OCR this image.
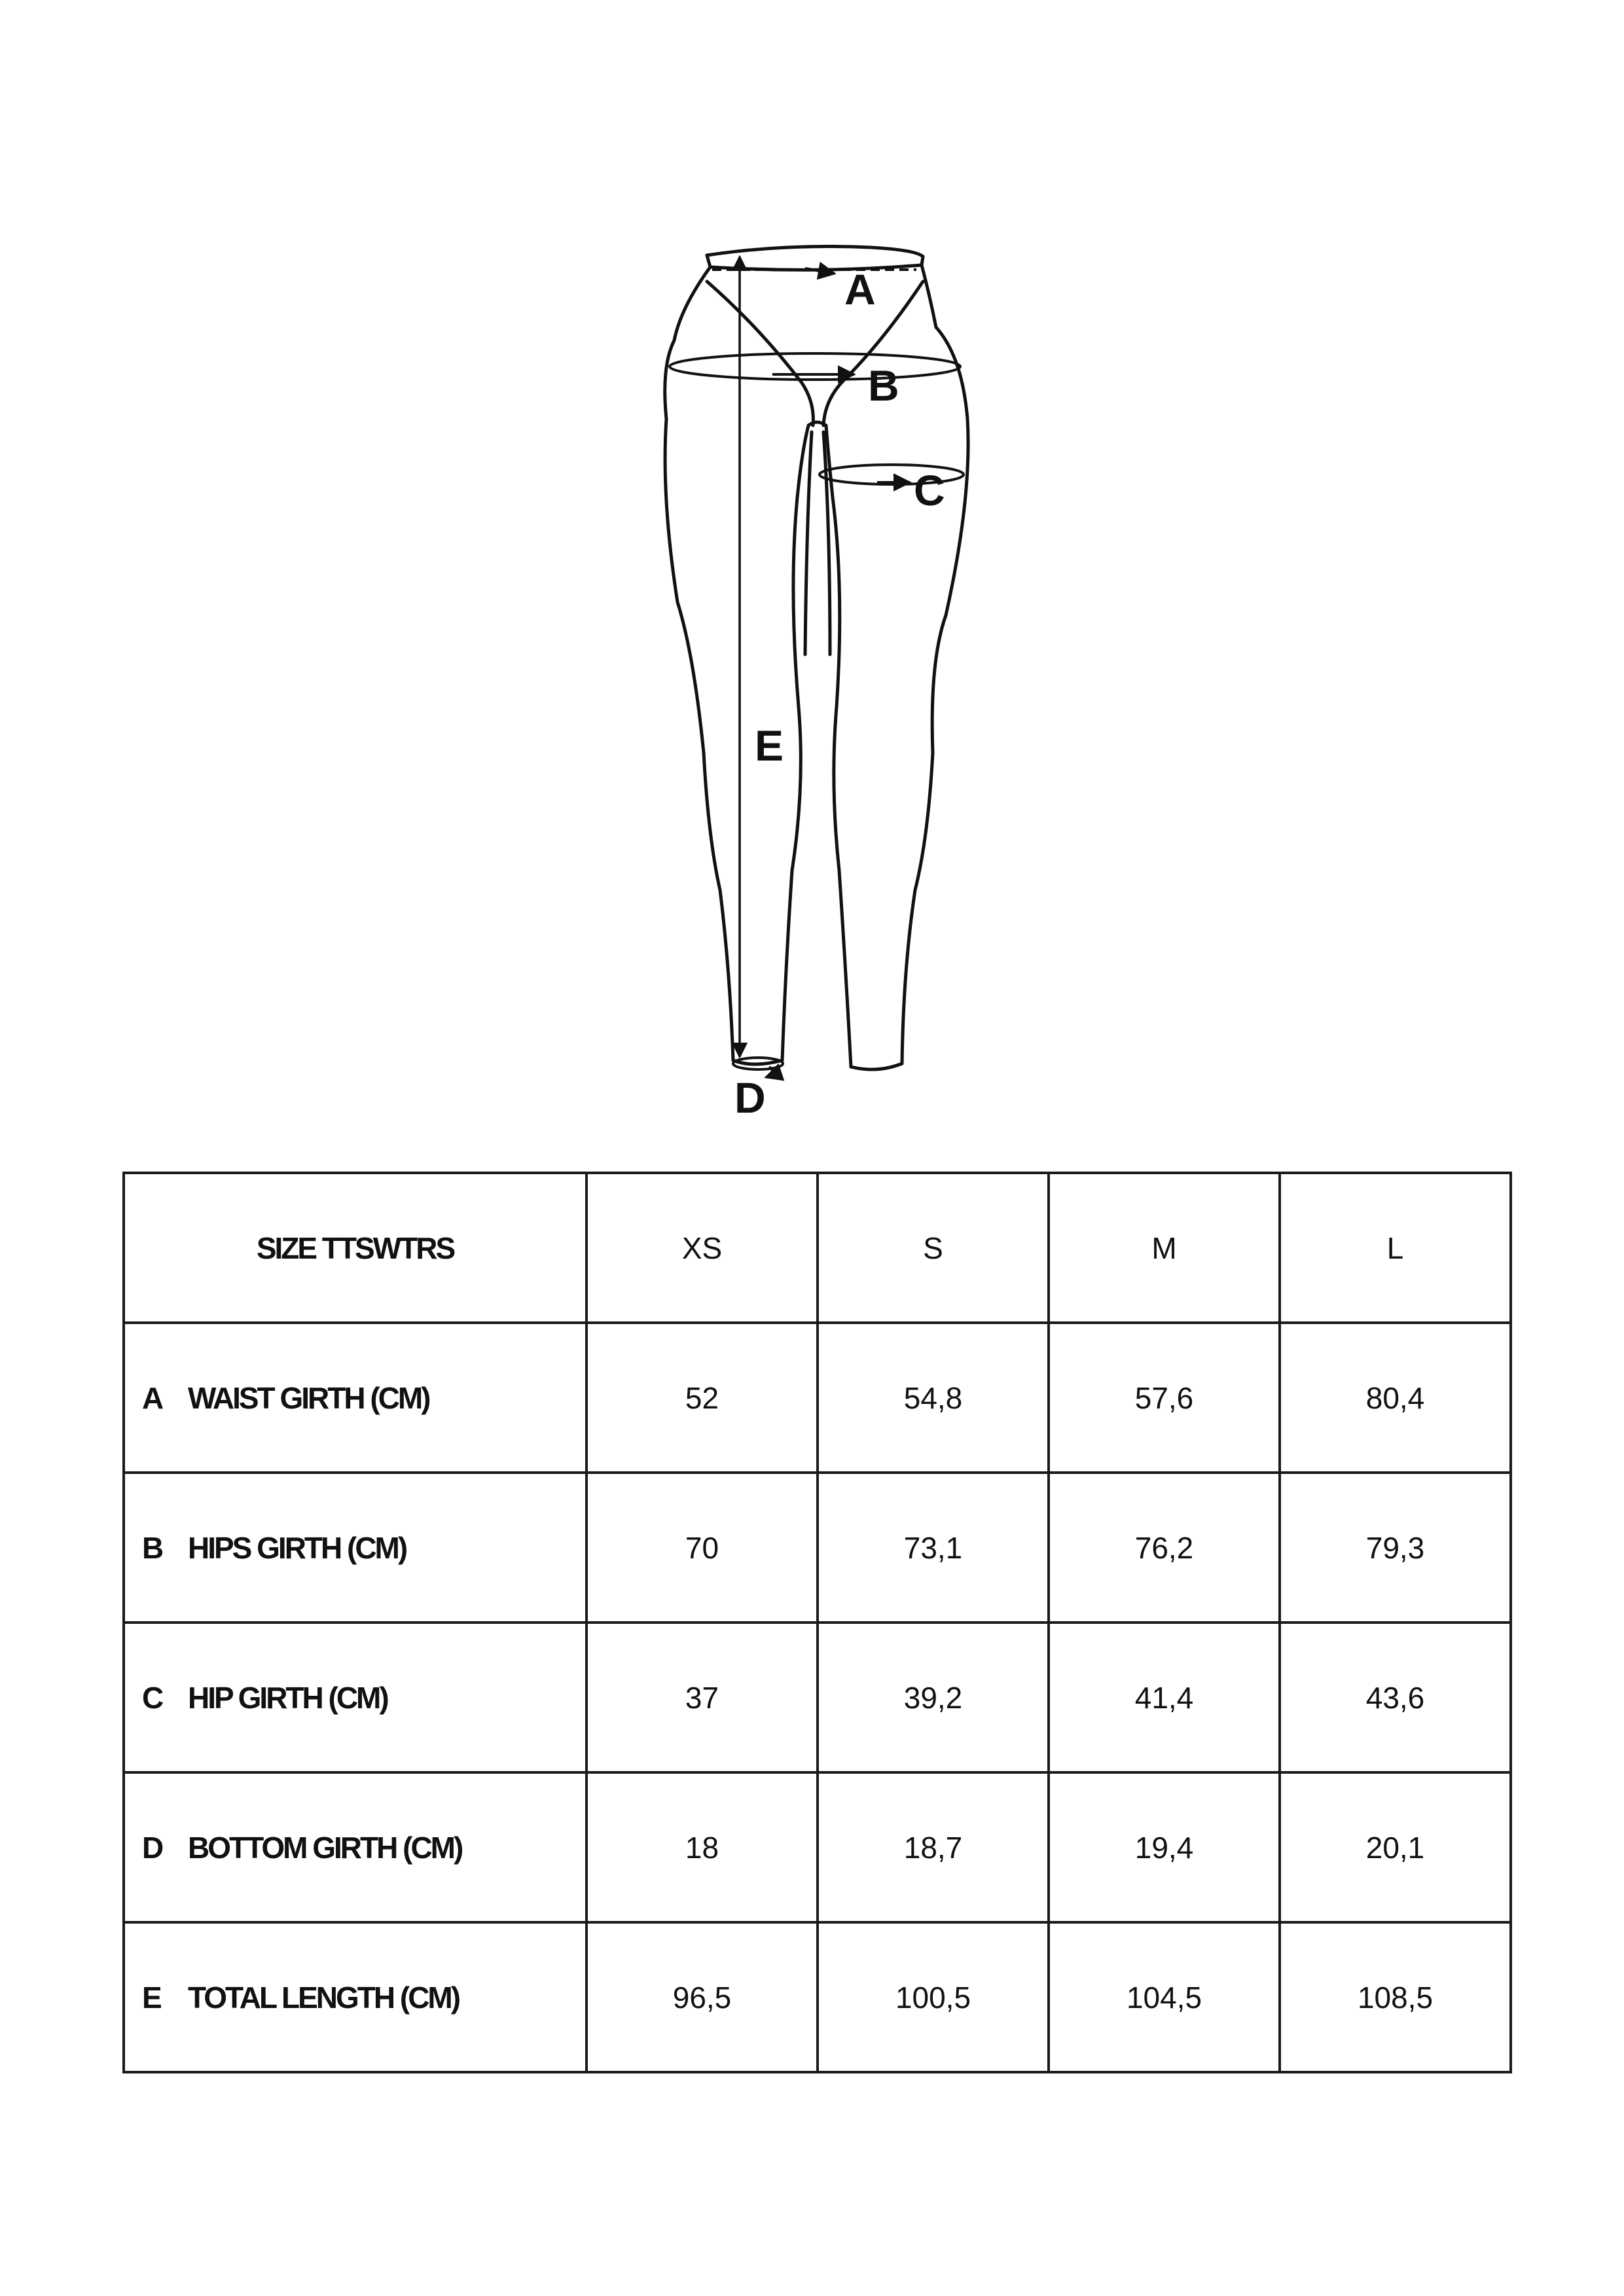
A
B
C
E
D
SIZE TTSWTRS	XS	S	M	L
A WAIST GIRTH (CM)	52	54,8	57,6	80,4
B HIPS GIRTH (CM)	70	73,1	76,2	79,3
C HIP GIRTH (CM)	37	39,2	41,4	43,6
D BOTTOM GIRTH (CM)	18	18,7	19,4	20,1
E TOTAL LENGTH (CM)	96,5	100,5	104,5	108,5
